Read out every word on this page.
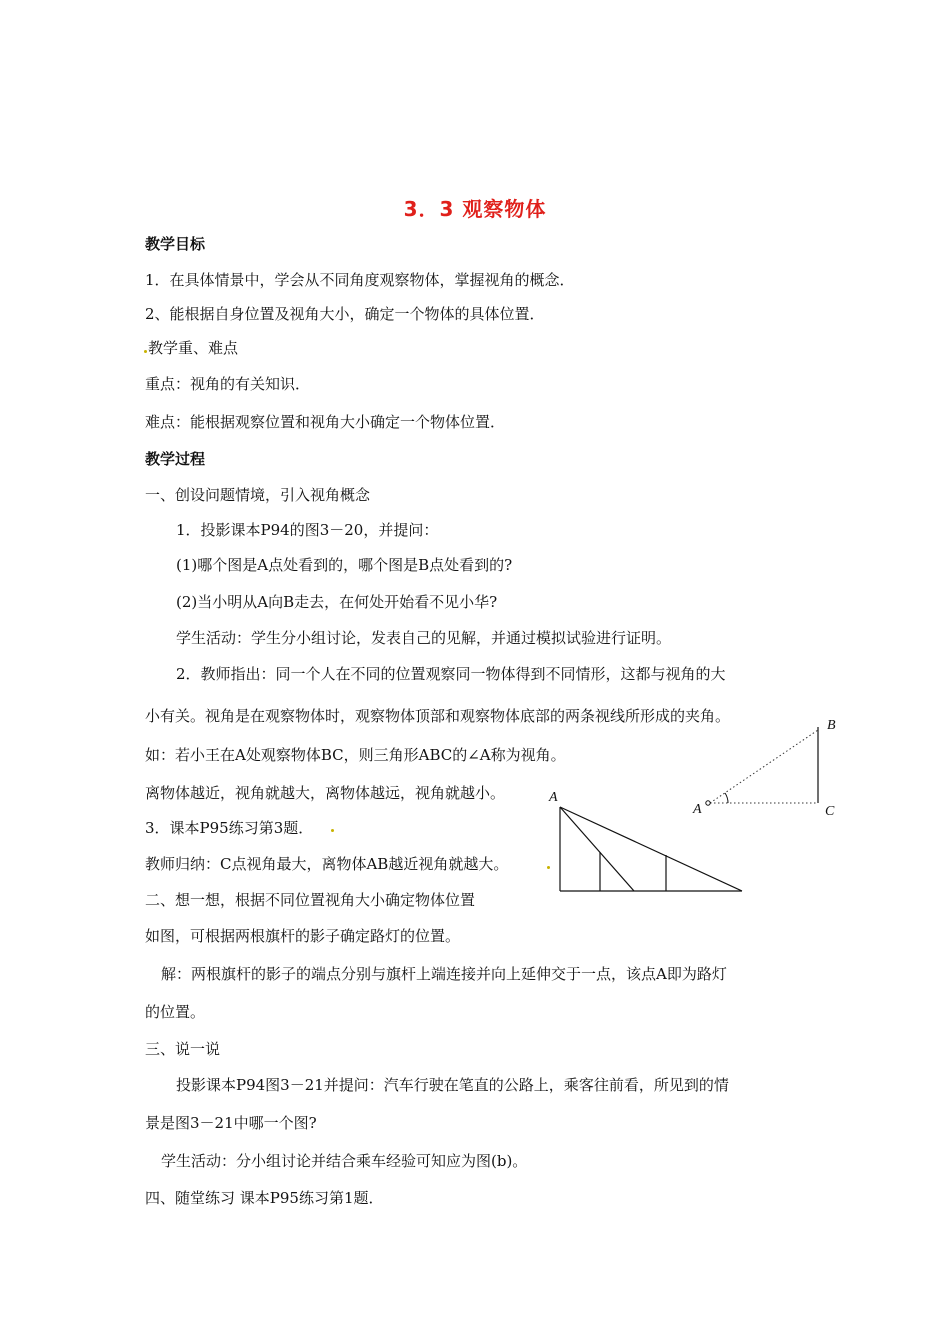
3．3 观察物体
教学目标
1．在具体情景中，学会从不同角度观察物体，掌握视角的概念．
2、能根据自身位置及视角大小，确定一个物体的具体位置．
教学重、难点
重点：视角的有关知识．
难点：能根据观察位置和视角大小确定一个物体位置．
教学过程
一、创设问题情境，引入视角概念
1．投影课本P94的图3－20，并提问：
(1)哪个图是A点处看到的，哪个图是B点处看到的?
(2)当小明从A向B走去，在何处开始看不见小华?
学生活动：学生分小组讨论，发表自己的见解，并通过模拟试验进行证明。
2．教师指出：同一个人在不同的位置观察同一物体得到不同情形，这都与视角的大
小有关。视角是在观察物体时，观察物体顶部和观察物体底部的两条视线所形成的夹角。
如：若小王在A处观察物体BC，则三角形ABC的∠A称为视角。
离物体越近，视角就越大，离物体越远，视角就越小。
3．课本P95练习第3题．
教师归纳：C点视角最大，离物体AB越近视角就越大。
二、想一想，根据不同位置视角大小确定物体位置
如图，可根据两根旗杆的影子确定路灯的位置。
解：两根旗杆的影子的端点分别与旗杆上端连接并向上延伸交于一点，该点A即为路灯
的位置。
三、说一说
投影课本P94图3－21并提问：汽车行驶在笔直的公路上，乘客往前看，所见到的情
景是图3－21中哪一个图?
学生活动：分小组讨论并结合乘车经验可知应为图(b)。
四、随堂练习 课本P95练习第1题．
B
A	C
A
